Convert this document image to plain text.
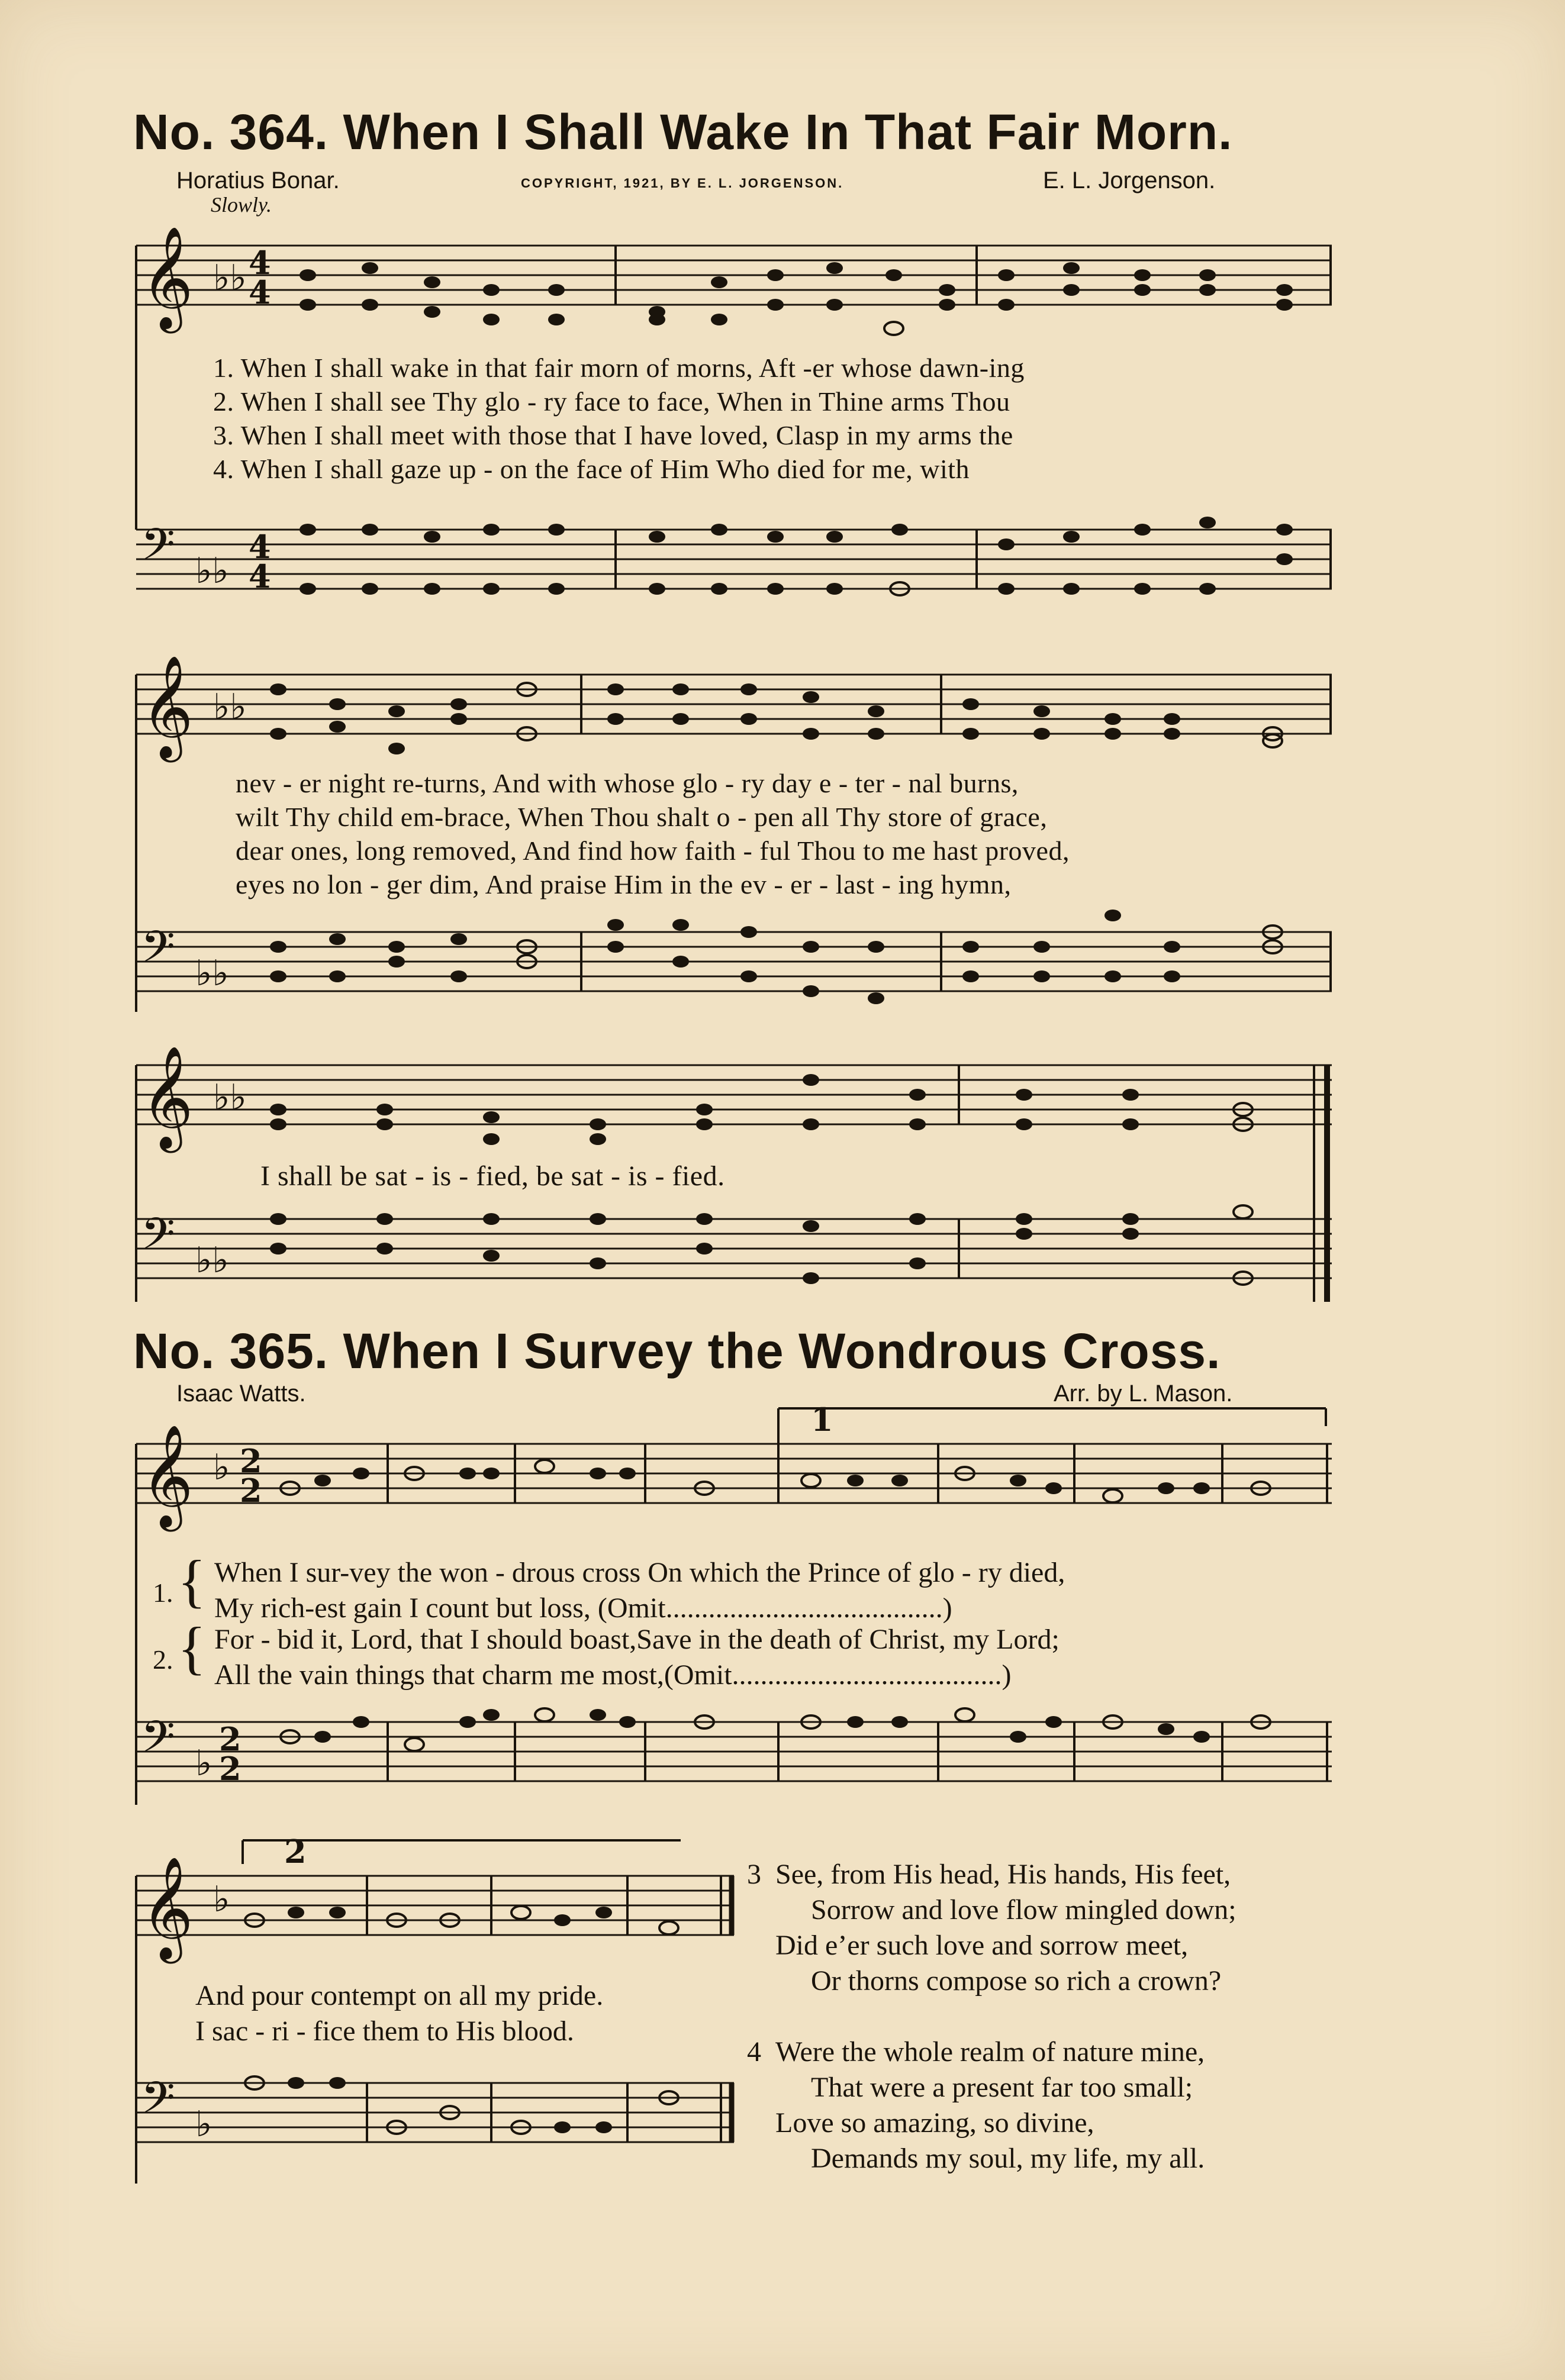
No. 364. When I Shall Wake In That Fair Morn.
Horatius Bonar.	COPYRIGHT, 1921, BY E. L. JORGENSON.	E. L. Jorgenson.
Slowly.
𝄞 ♭♭ 4
4
1. When I shall wake in that fair morn of morns, Aft -er whose dawn-ing
2. When I shall see Thy glo - ry face to face, When in Thine arms Thou
3. When I shall meet with those that I have loved, Clasp in my arms the
4. When I shall gaze up - on the face of Him Who died for me, with
𝄢 ♭♭
4
4
𝄞 ♭♭
nev - er night re-turns, And with whose glo - ry day e - ter - nal burns,
wilt Thy child em-brace, When Thou shalt o - pen all Thy store of grace,
dear ones, long removed, And find how faith - ful Thou to me hast proved,
eyes no lon - ger dim, And praise Him in the ev - er - last - ing hymn,
𝄢 ♭♭
𝄞 ♭♭
I shall be sat - is - fied, be sat - is - fied.
𝄢 ♭♭
No. 365. When I Survey the Wondrous Cross.
Isaac Watts.	Arr. by L. Mason.
1
𝄞 ♭ 2
2
1. { When I sur-vey the won - drous cross On which the Prince of glo - ry died,
My rich-est gain I count but loss, (Omit.......................................)
2. { For - bid it, Lord, that I should boast,Save in the death of Christ, my Lord;
All the vain things that charm me most,(Omit......................................)
𝄢 ♭
2
2
2
𝄞 ♭
And pour contempt on all my pride.
I sac - ri - fice them to His blood.
𝄢 ♭
3 See, from His head, His hands, His feet,
Sorrow and love flow mingled down;
Did e’er such love and sorrow meet,
Or thorns compose so rich a crown?
4 Were the whole realm of nature mine,
That were a present far too small;
Love so amazing, so divine,
Demands my soul, my life, my all.
